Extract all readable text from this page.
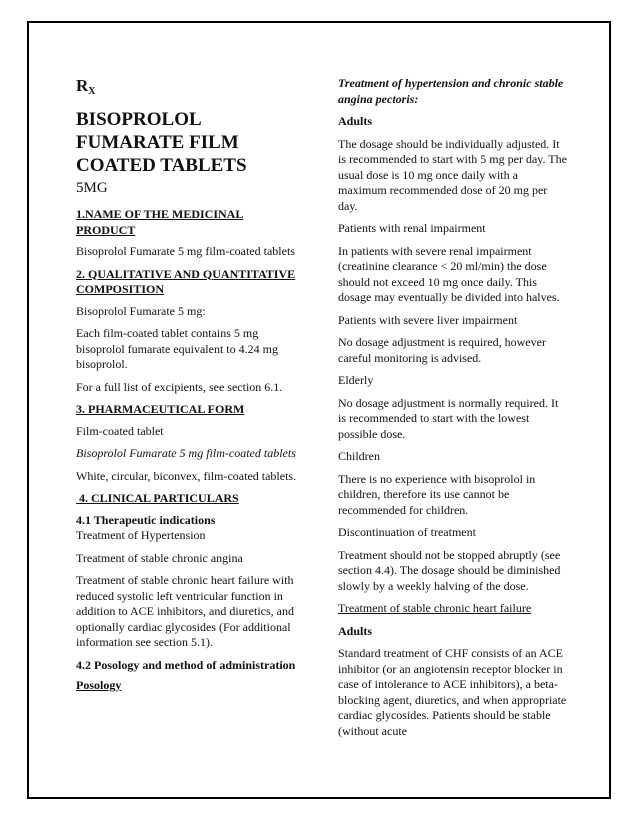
$R_X$

BISOPROLOL FUMARATE FILM COATED TABLETS

5MG

1.NAME OF THE MEDICINAL PRODUCT

Bisoprolol Fumarate 5 mg film-coated tablets

2. QUALITATIVE AND QUANTITATIVE COMPOSITION

Bisoprolol Fumarate 5 mg:

Each film-coated tablet contains 5 mg bisoprolol fumarate equivalent to 4.24 mg bisoprolol.

For a full list of excipients, see section 6.1.

3. PHARMACEUTICAL FORM

Film-coated tablet

Bisoprolol Fumarate 5 mg film-coated tablets

White, circular, biconvex, film-coated tablets.

4. CLINICAL PARTICULARS

4.1 Therapeutic indications

Treatment of Hypertension

Treatment of stable chronic angina

Treatment of stable chronic heart failure with reduced systolic left ventricular function in addition to ACE inhibitors, and diuretics, and optionally cardiac glycosides (For additional information see section 5.1).

4.2 Posology and method of administration

Posology

Treatment of hypertension and chronic stable angina pectoris:

Adults

The dosage should be individually adjusted. It is recommended to start with 5 mg per day. The usual dose is 10 mg once daily with a maximum recommended dose of 20 mg per day.

Patients with renal impairment

In patients with severe renal impairment (creatinine clearance < 20 ml/min) the dose should not exceed 10 mg once daily. This dosage may eventually be divided into halves.

Patients with severe liver impairment

No dosage adjustment is required, however careful monitoring is advised.

Elderly

No dosage adjustment is normally required. It is recommended to start with the lowest possible dose.

Children

There is no experience with bisoprolol in children, therefore its use cannot be recommended for children.

Discontinuation of treatment

Treatment should not be stopped abruptly (see section 4.4). The dosage should be diminished slowly by a weekly halving of the dose.

Treatment of stable chronic heart failure

Adults

Standard treatment of CHF consists of an ACE inhibitor (or an angiotensin receptor blocker in case of intolerance to ACE inhibitors), a beta-blocking agent, diuretics, and when appropriate cardiac glycosides. Patients should be stable (without acute
